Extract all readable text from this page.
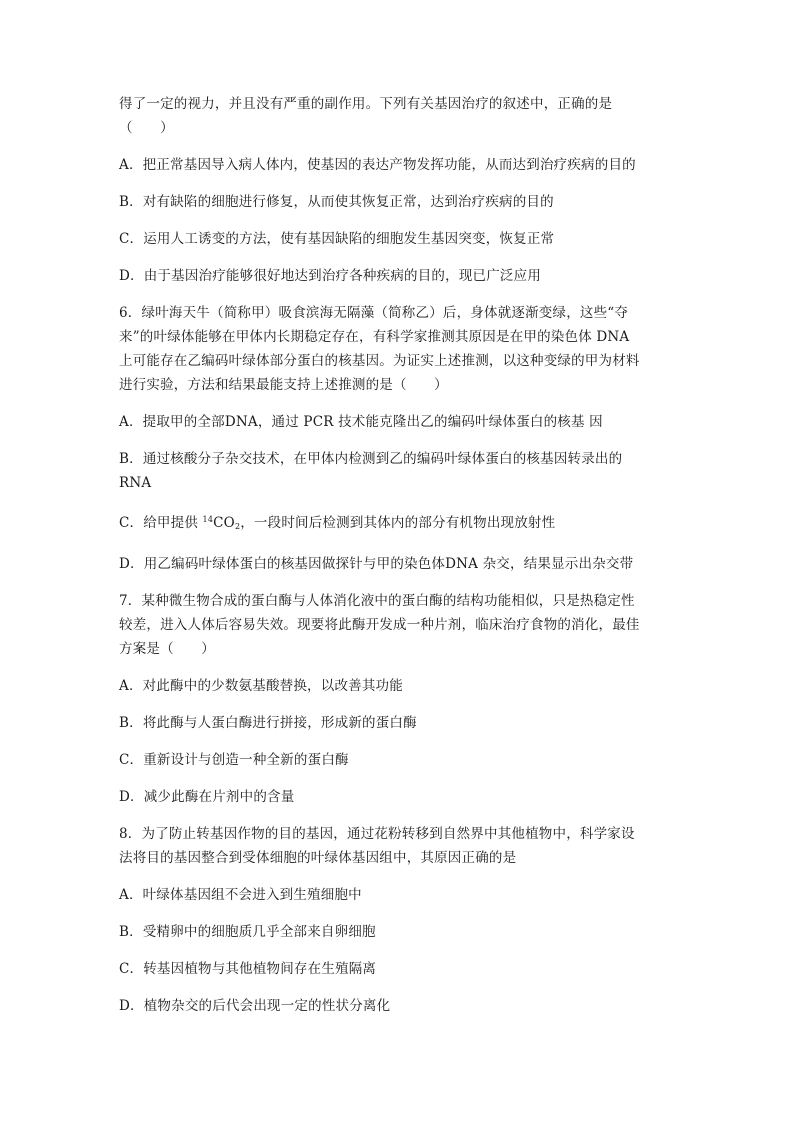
得了一定的视力，并且没有严重的副作用。下列有关基因治疗的叙述中，正确的是

（　　）

A．把正常基因导入病人体内，使基因的表达产物发挥功能，从而达到治疗疾病的目的

B．对有缺陷的细胞进行修复，从而使其恢复正常，达到治疗疾病的目的

C．运用人工诱变的方法，使有基因缺陷的细胞发生基因突变，恢复正常

D．由于基因治疗能够很好地达到治疗各种疾病的目的，现已广泛应用

6．绿叶海天牛（简称甲）吸食滨海无隔藻（简称乙）后，身体就逐渐变绿，这些“夺

来”的叶绿体能够在甲体内长期稳定存在，有科学家推测其原因是在甲的染色体 DNA

上可能存在乙编码叶绿体部分蛋白的核基因。为证实上述推测，以这种变绿的甲为材料

进行实验，方法和结果最能支持上述推测的是（　　）

A．提取甲的全部DNA，通过 PCR 技术能克隆出乙的编码叶绿体蛋白的核基 因

B．通过核酸分子杂交技术，在甲体内检测到乙的编码叶绿体蛋白的核基因转录出的

RNA

C．给甲提供 $^{14}CO_2$，一段时间后检测到其体内的部分有机物出现放射性

D．用乙编码叶绿体蛋白的核基因做探针与甲的染色体DNA 杂交，结果显示出杂交带

7．某种微生物合成的蛋白酶与人体消化液中的蛋白酶的结构功能相似，只是热稳定性

较差，进入人体后容易失效。现要将此酶开发成一种片剂，临床治疗食物的消化，最佳

方案是（　　）

A．对此酶中的少数氨基酸替换，以改善其功能

B．将此酶与人蛋白酶进行拼接，形成新的蛋白酶

C．重新设计与创造一种全新的蛋白酶

D．减少此酶在片剂中的含量

8．为了防止转基因作物的目的基因，通过花粉转移到自然界中其他植物中，科学家设

法将目的基因整合到受体细胞的叶绿体基因组中，其原因正确的是

A．叶绿体基因组不会进入到生殖细胞中

B．受精卵中的细胞质几乎全部来自卵细胞

C．转基因植物与其他植物间存在生殖隔离

D．植物杂交的后代会出现一定的性状分离化
